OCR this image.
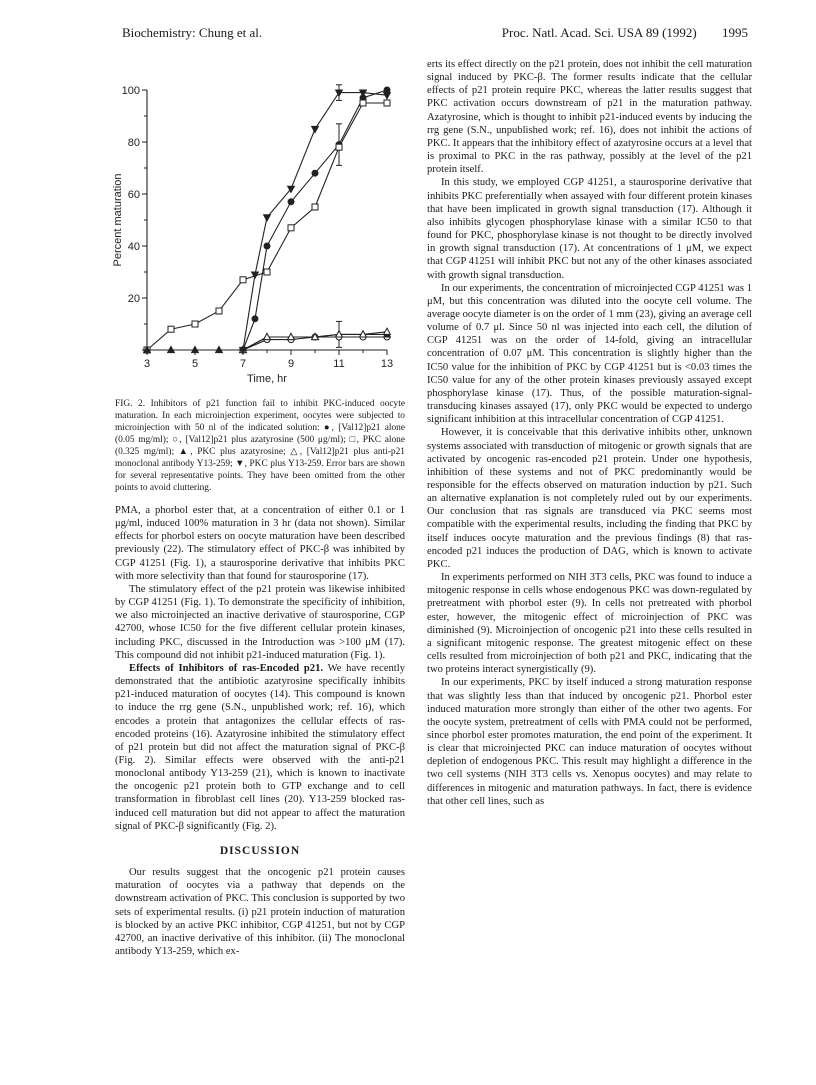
Biochemistry: Chung et al.	Proc. Natl. Acad. Sci. USA 89 (1992) 1995
3	5	7	9	11	13
20
40
60
80
100
Time, hr
Percent maturation

FIG. 2. Inhibitors of p21 function fail to inhibit PKC-induced oocyte maturation. In each microinjection experiment, oocytes were subjected to microinjection with 50 nl of the indicated solution: ●, [Val12]p21 alone (0.05 mg/ml); ○, [Val12]p21 plus azatyrosine (500 μg/ml); □, PKC alone (0.325 mg/ml); ▲, PKC plus azatyrosine; △, [Val12]p21 plus anti-p21 monoclonal antibody Y13-259; ▼, PKC plus Y13-259. Error bars are shown for several representative points. They have been omitted from the other points to avoid cluttering.

PMA, a phorbol ester that, at a concentration of either 0.1 or 1 μg/ml, induced 100% maturation in 3 hr (data not shown). Similar effects for phorbol esters on oocyte maturation have been described previously (22). The stimulatory effect of PKC-β was inhibited by CGP 41251 (Fig. 1), a staurosporine derivative that inhibits PKC with more selectivity than that found for staurosporine (17).

The stimulatory effect of the p21 protein was likewise inhibited by CGP 41251 (Fig. 1). To demonstrate the specificity of inhibition, we also microinjected an inactive derivative of staurosporine, CGP 42700, whose IC50 for the five different cellular protein kinases, including PKC, discussed in the Introduction was >100 μM (17). This compound did not inhibit p21-induced maturation (Fig. 1).

Effects of Inhibitors of ras-Encoded p21. We have recently demonstrated that the antibiotic azatyrosine specifically inhibits p21-induced maturation of oocytes (14). This compound is known to induce the rrg gene (S.N., unpublished work; ref. 16), which encodes a protein that antagonizes the cellular effects of ras-encoded proteins (16). Azatyrosine inhibited the stimulatory effect of p21 protein but did not affect the maturation signal of PKC-β (Fig. 2). Similar effects were observed with the anti-p21 monoclonal antibody Y13-259 (21), which is known to inactivate the oncogenic p21 protein both to GTP exchange and to cell transformation in fibroblast cell lines (20). Y13-259 blocked ras-induced cell maturation but did not appear to affect the maturation signal of PKC-β significantly (Fig. 2).

DISCUSSION

Our results suggest that the oncogenic p21 protein causes maturation of oocytes via a pathway that depends on the downstream activation of PKC. This conclusion is supported by two sets of experimental results. (i) p21 protein induction of maturation is blocked by an active PKC inhibitor, CGP 41251, but not by CGP 42700, an inactive derivative of this inhibitor. (ii) The monoclonal antibody Y13-259, which ex-

erts its effect directly on the p21 protein, does not inhibit the cell maturation signal induced by PKC-β. The former results indicate that the cellular effects of p21 protein require PKC, whereas the latter results suggest that PKC activation occurs downstream of p21 in the maturation pathway. Azatyrosine, which is thought to inhibit p21-induced events by inducing the rrg gene (S.N., unpublished work; ref. 16), does not inhibit the actions of PKC. It appears that the inhibitory effect of azatyrosine occurs at a level that is proximal to PKC in the ras pathway, possibly at the level of the p21 protein itself.

In this study, we employed CGP 41251, a staurosporine derivative that inhibits PKC preferentially when assayed with four different protein kinases that have been implicated in growth signal transduction (17). Although it also inhibits glycogen phosphorylase kinase with a similar IC50 to that found for PKC, phosphorylase kinase is not thought to be directly involved in growth signal transduction (17). At concentrations of 1 μM, we expect that CGP 41251 will inhibit PKC but not any of the other kinases associated with growth signal transduction.

In our experiments, the concentration of microinjected CGP 41251 was 1 μM, but this concentration was diluted into the oocyte cell volume. The average oocyte diameter is on the order of 1 mm (23), giving an average cell volume of 0.7 μl. Since 50 nl was injected into each cell, the dilution of CGP 41251 was on the order of 14-fold, giving an intracellular concentration of 0.07 μM. This concentration is slightly higher than the IC50 value for the inhibition of PKC by CGP 41251 but is <0.03 times the IC50 value for any of the other protein kinases previously assayed except phosphorylase kinase (17). Thus, of the possible maturation-signal-transducing kinases assayed (17), only PKC would be expected to undergo significant inhibition at this intracellular concentration of CGP 41251.

However, it is conceivable that this derivative inhibits other, unknown systems associated with transduction of mitogenic or growth signals that are activated by oncogenic ras-encoded p21 protein. Under one hypothesis, inhibition of these systems and not of PKC predominantly would be responsible for the effects observed on maturation induction by p21. Such an alternative explanation is not completely ruled out by our experiments. Our conclusion that ras signals are transduced via PKC seems most compatible with the experimental results, including the finding that PKC by itself induces oocyte maturation and the previous findings (8) that ras-encoded p21 induces the production of DAG, which is known to activate PKC.

In experiments performed on NIH 3T3 cells, PKC was found to induce a mitogenic response in cells whose endogenous PKC was down-regulated by pretreatment with phorbol ester (9). In cells not pretreated with phorbol ester, however, the mitogenic effect of microinjection of PKC was diminished (9). Microinjection of oncogenic p21 into these cells resulted in a significant mitogenic response. The greatest mitogenic effect on these cells resulted from microinjection of both p21 and PKC, indicating that the two proteins interact synergistically (9).

In our experiments, PKC by itself induced a strong maturation response that was slightly less than that induced by oncogenic p21. Phorbol ester induced maturation more strongly than either of the other two agents. For the oocyte system, pretreatment of cells with PMA could not be performed, since phorbol ester promotes maturation, the end point of the experiment. It is clear that microinjected PKC can induce maturation of oocytes without depletion of endogenous PKC. This result may highlight a difference in the two cell systems (NIH 3T3 cells vs. Xenopus oocytes) and may relate to differences in mitogenic and maturation pathways. In fact, there is evidence that other cell lines, such as
